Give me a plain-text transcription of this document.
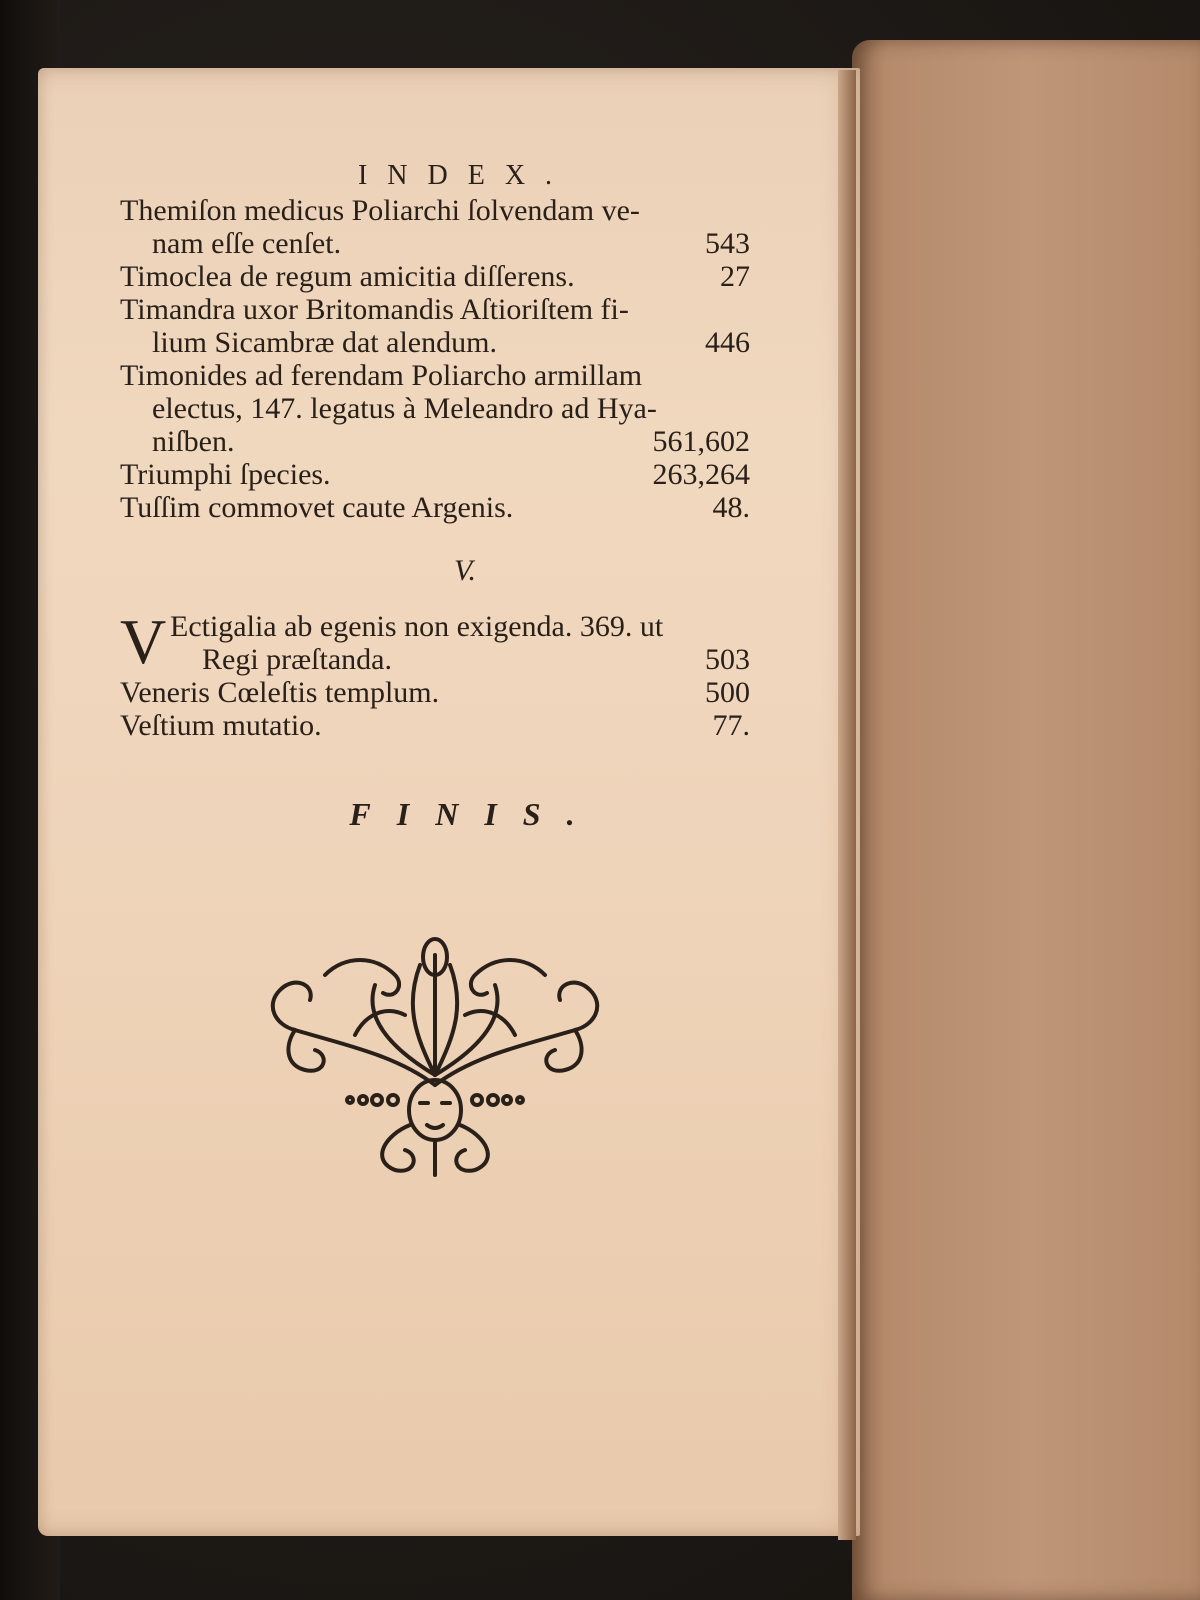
INDEX.
Themiſon medicus Poliarchi ſolvendam ve-
nam eſſe cenſet.	543
Timoclea de regum amicitia diſſerens.	27
Timandra uxor Britomandis Aſtioriſtem fi-
lium Sicambræ dat alendum.	446
Timonides ad ferendam Poliarcho armillam
electus, 147. legatus à Meleandro ad Hya-
niſben.	561,602
Triumphi ſpecies.	263,264
Tuſſim commovet caute Argenis.	48.
V.
V Ectigalia ab egenis non exigenda. 369. ut
Regi præſtanda.	503
Veneris Cœleſtis templum.	500
Veſtium mutatio.	77.
FINIS.
